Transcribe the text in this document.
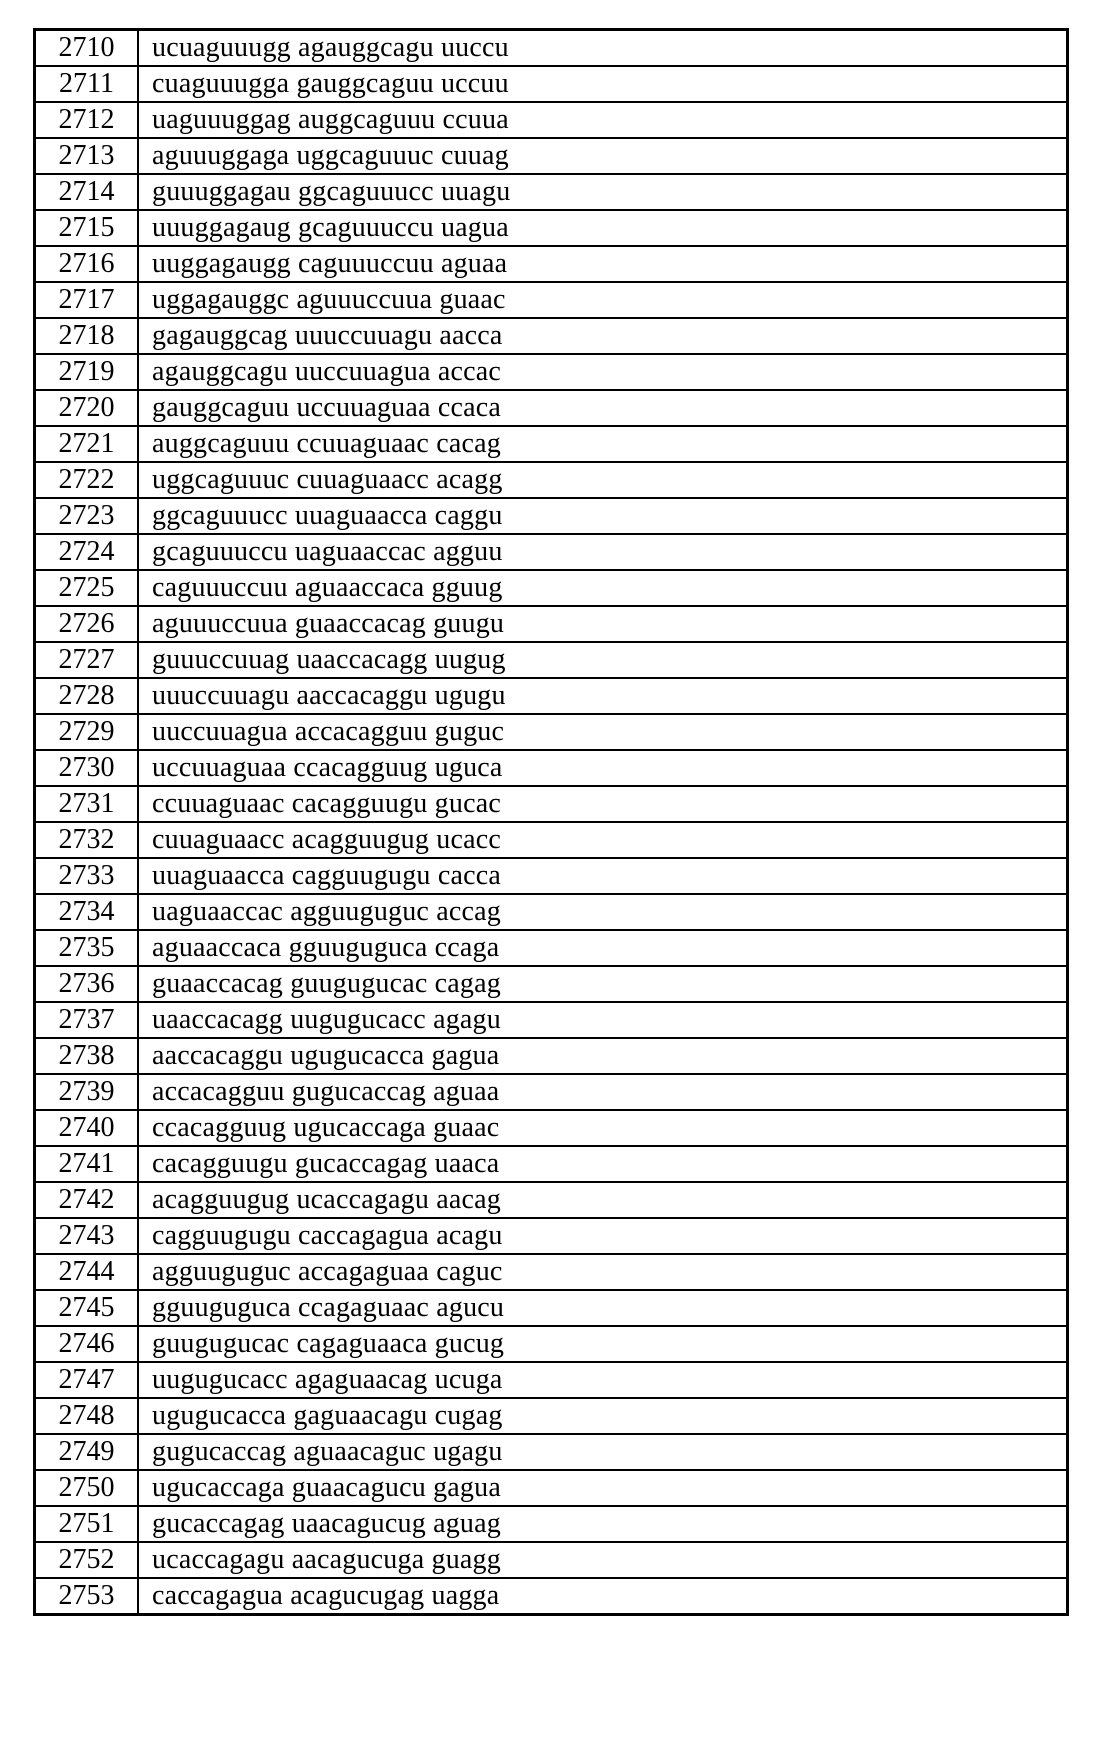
2710	ucuaguuugg agauggcagu uuccu
2711	cuaguuugga gauggcaguu uccuu
2712	uaguuuggag auggcaguuu ccuua
2713	aguuuggaga uggcaguuuc cuuag
2714	guuuggagau ggcaguuucc uuagu
2715	uuuggagaug gcaguuuccu uagua
2716	uuggagaugg caguuuccuu aguaa
2717	uggagauggc aguuuccuua guaac
2718	gagauggcag uuuccuuagu aacca
2719	agauggcagu uuccuuagua accac
2720	gauggcaguu uccuuaguaa ccaca
2721	auggcaguuu ccuuaguaac cacag
2722	uggcaguuuc cuuaguaacc acagg
2723	ggcaguuucc uuaguaacca caggu
2724	gcaguuuccu uaguaaccac agguu
2725	caguuuccuu aguaaccaca gguug
2726	aguuuccuua guaaccacag guugu
2727	guuuccuuag uaaccacagg uugug
2728	uuuccuuagu aaccacaggu ugugu
2729	uuccuuagua accacagguu guguc
2730	uccuuaguaa ccacagguug uguca
2731	ccuuaguaac cacagguugu gucac
2732	cuuaguaacc acagguugug ucacc
2733	uuaguaacca cagguugugu cacca
2734	uaguaaccac agguuguguc accag
2735	aguaaccaca gguuguguca ccaga
2736	guaaccacag guugugucac cagag
2737	uaaccacagg uugugucacc agagu
2738	aaccacaggu ugugucacca gagua
2739	accacagguu gugucaccag aguaa
2740	ccacagguug ugucaccaga guaac
2741	cacagguugu gucaccagag uaaca
2742	acagguugug ucaccagagu aacag
2743	cagguugugu caccagagua acagu
2744	agguuguguc accagaguaa caguc
2745	gguuguguca ccagaguaac agucu
2746	guugugucac cagaguaaca gucug
2747	uugugucacc agaguaacag ucuga
2748	ugugucacca gaguaacagu cugag
2749	gugucaccag aguaacaguc ugagu
2750	ugucaccaga guaacagucu gagua
2751	gucaccagag uaacagucug aguag
2752	ucaccagagu aacagucuga guagg
2753	caccagagua acagucugag uagga
